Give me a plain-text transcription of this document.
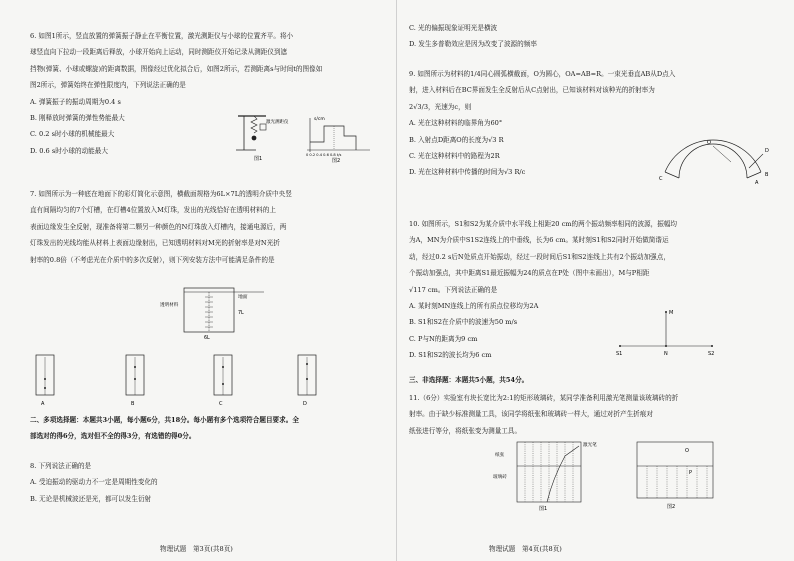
6. 如图1所示，竖直放置的弹簧振子静止在平衡位置，激光测距仪与小球的位置齐平。将小

球竖直向下拉动一段距离后释放，小球开始向上运动，同时测距仪开始记录从测距仪到遮

挡物(弹簧、小球或螺旋)的距离数据，图像经过优化拟合后，如图2所示，若测距离s与时间t的图像如

图2所示，弹簧始终在弹性限度内，下列说法正确的是

A. 弹簧振子的振动周期为0.4 s

B. 刚释放时弹簧的弹性势能最大

C. 0.2 s时小球的机械能最大

D. 0.6 s时小球的动能最大

激光测距仪
图1
s/cm
0 0.2 0.4 0.6 0.8 t/s
图2

7. 如图所示为一种底在地面下的彩灯简化示意图，横截面规格为6L×7L的透明介质中央竖

直有间隔均匀的7个灯槽，在灯槽4位置放入M灯珠，发出的光线恰好在透明材料的上

表面边缘发生全反射，现准备将第二颗另一种颜色的N灯珠放入灯槽内，接通电源后，两

灯珠发出的光线均能从材料上表面边缘射出，已知透明材料对M光的折射率是对N光折

射率的0.8倍（不考虑光在介质中的多次反射），则下列安装方法中可能满足条件的是

地面
透明材料
7L
6L
A	B	C	D

二、多项选择题：本题共3小题，每小题6分，共18分。每小题有多个选项符合题目要求。全

部选对的得6分，选对但不全的得3分，有选错的得0分。

8. 下列说法正确的是

A. 受迫振动的驱动力不一定是周期性变化的

B. 无论是机械波还是光，都可以发生衍射

物理试题　第3页(共8页)

C. 光的偏振现象证明光是横波

D. 发生多普勒效应是因为改变了波源的频率

9. 如图所示为材料的1/4同心圆弧横截面，O为圆心，OA=AB=R。一束光垂直AB从D点入

射，进入材料后在BC界面发生全反射后从C点射出，已知该材料对该种光的折射率为

2√3/3，光速为c，则

A. 光在这种材料的临界角为60°

B. 入射点D距离O的长度为√3 R

C. 光在这种材料中的路程为2R

D. 光在这种材料中传播的时间为√3 R/c

O
A
B
C
D

10. 如图所示，S1和S2为某介质中水平线上相距20 cm的两个振动频率相同的波源，振幅均

为A，MN为介质中S1S2连线上的中垂线，长为6 cm。某时刻S1和S2同时开始做简谐运

动，经过0.2 s后N处质点开始振动，经过一段时间后S1和S2连线上共有2个振动加强点，

个振动加强点，其中距离S1最近振幅为24的质点在P处（图中未画出），M与P相距

√117 cm。下列说法正确的是

A. 某时刻MN连线上的所有质点位移均为2A

B. S1和S2在介质中的波速为50 m/s

C. P与N的距离为9 cm

D. S1和S2的波长均为6 cm

M
N
S1	S2

三、非选择题：本题共5小题，共54分。

11.（6分）实验室有块长宽比为2:1的矩形玻璃砖，某同学准备利用激光笔测量该玻璃砖的折

射率。由于缺少标准测量工具，该同学将纸张和玻璃砖一样大，通过对折产生折痕对

纸张进行等分，将纸张变为测量工具。

纸张
玻璃砖
激光笔
图1
O
P
图2
物理试题　第4页(共8页)
